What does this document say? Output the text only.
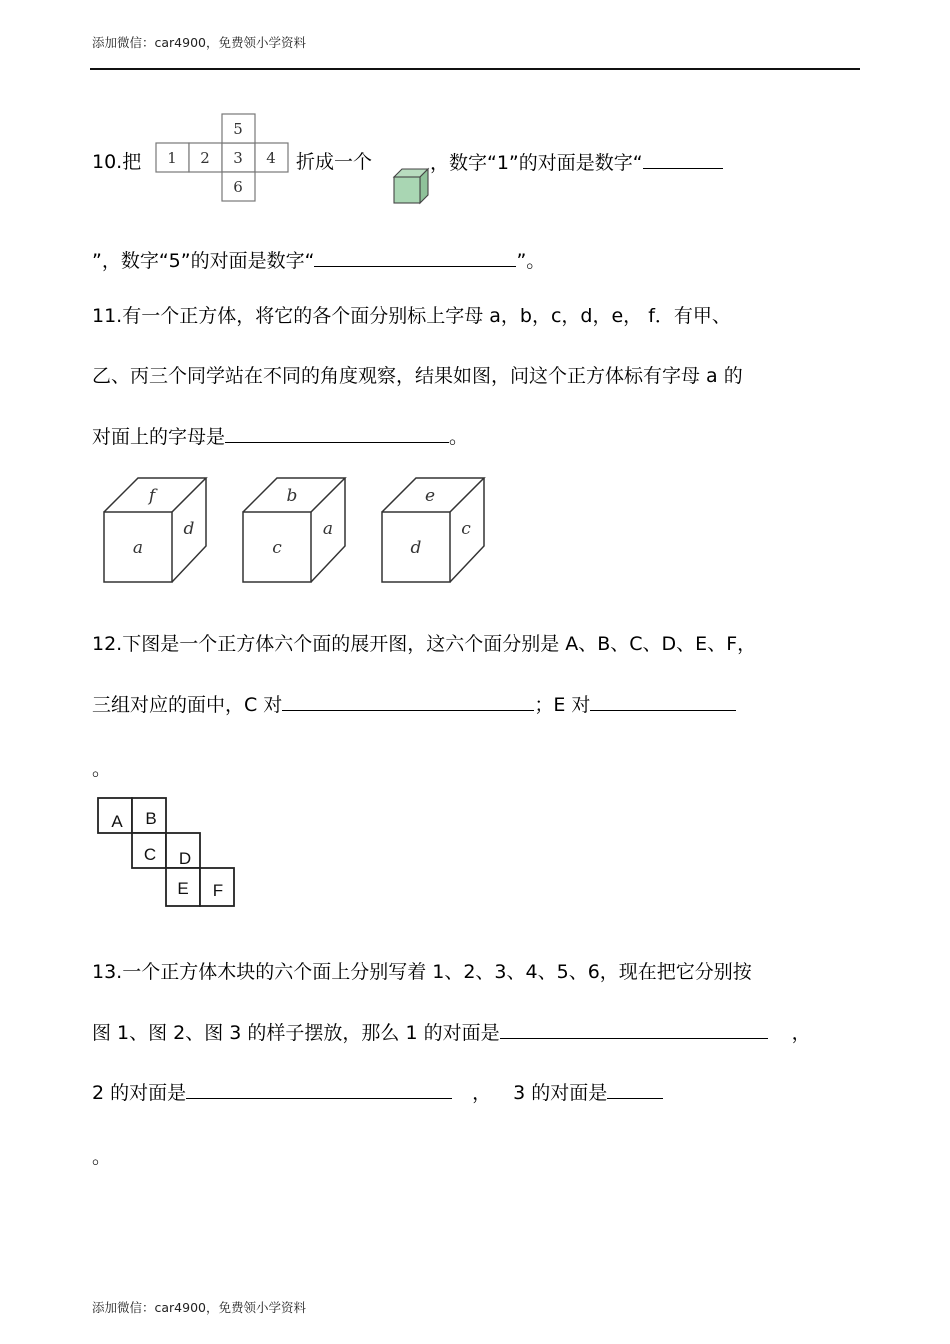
添加微信：car4900，免费领小学资料
10.把 1 2 3 4
5
6
折成一个	，数字“1”的对面是数字“
”，数字“5”的对面是数字“	”。
11.有一个正方体，将它的各个面分别标上字母 a，b，c，d，e， f．有甲、
乙、丙三个同学站在不同的角度观察，结果如图，问这个正方体标有字母 a 的
对面上的字母是	。
f
a
d
b
c
a
e
d
c
12.下图是一个正方体六个面的展开图，这六个面分别是 A、B、C、D、E、F，
三组对应的面中，C 对	；E 对
。
A B
C D
E F
13.一个正方体木块的六个面上分别写着 1、2、3、4、5、6，现在把它分别按
图 1、图 2、图 3 的样子摆放，那么 1 的对面是	，
2 的对面是	， 3 的对面是
。
添加微信：car4900，免费领小学资料
